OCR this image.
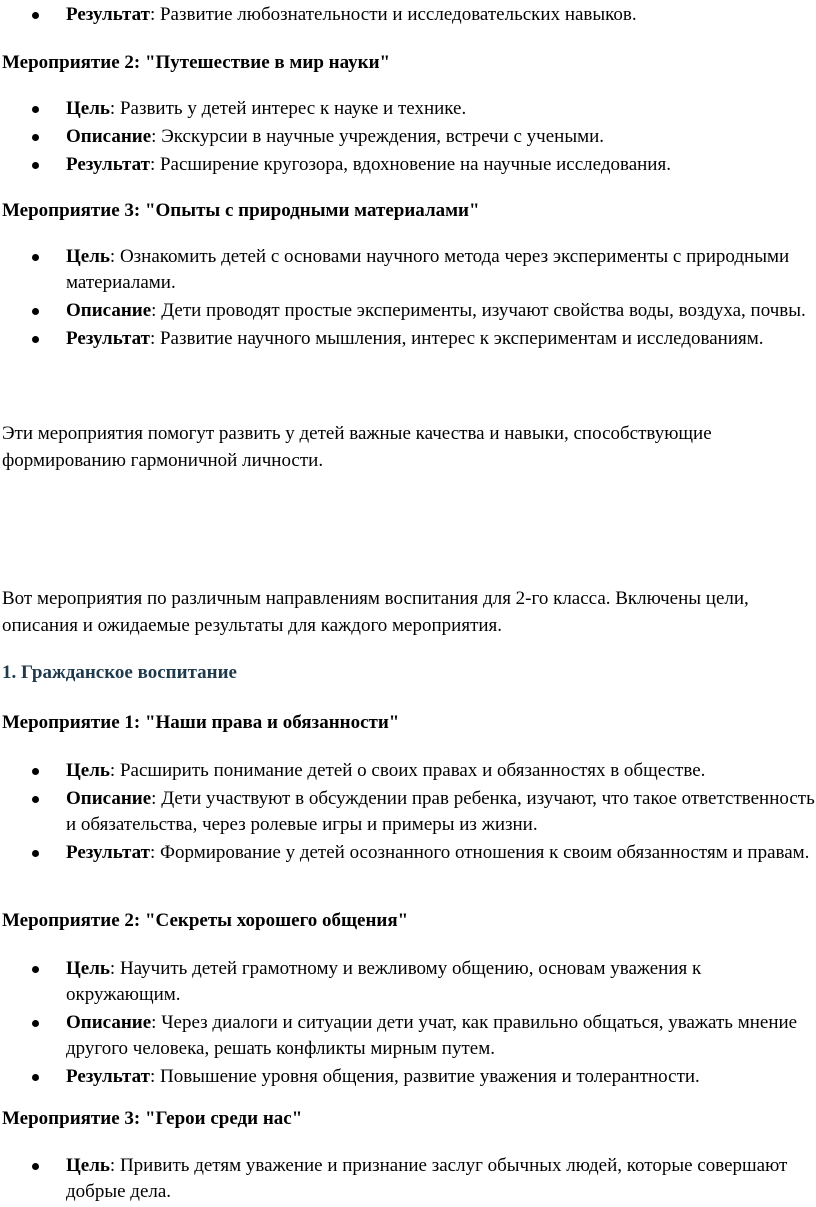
Результат: Развитие любознательности и исследовательских навыков.
Мероприятие 2: "Путешествие в мир науки"
Цель: Развить у детей интерес к науке и технике.
Описание: Экскурсии в научные учреждения, встречи с учеными.
Результат: Расширение кругозора, вдохновение на научные исследования.
Мероприятие 3: "Опыты с природными материалами"
Цель: Ознакомить детей с основами научного метода через эксперименты с природными материалами.
Описание: Дети проводят простые эксперименты, изучают свойства воды, воздуха, почвы.
Результат: Развитие научного мышления, интерес к экспериментам и исследованиям.
Эти мероприятия помогут развить у детей важные качества и навыки, способствующие формированию гармоничной личности.
Вот мероприятия по различным направлениям воспитания для 2-го класса. Включены цели, описания и ожидаемые результаты для каждого мероприятия.
1. Гражданское воспитание
Мероприятие 1: "Наши права и обязанности"
Цель: Расширить понимание детей о своих правах и обязанностях в обществе.
Описание: Дети участвуют в обсуждении прав ребенка, изучают, что такое ответственность и обязательства, через ролевые игры и примеры из жизни.
Результат: Формирование у детей осознанного отношения к своим обязанностям и правам.
Мероприятие 2: "Секреты хорошего общения"
Цель: Научить детей грамотному и вежливому общению, основам уважения к окружающим.
Описание: Через диалоги и ситуации дети учат, как правильно общаться, уважать мнение другого человека, решать конфликты мирным путем.
Результат: Повышение уровня общения, развитие уважения и толерантности.
Мероприятие 3: "Герои среди нас"
Цель: Привить детям уважение и признание заслуг обычных людей, которые совершают добрые дела.
